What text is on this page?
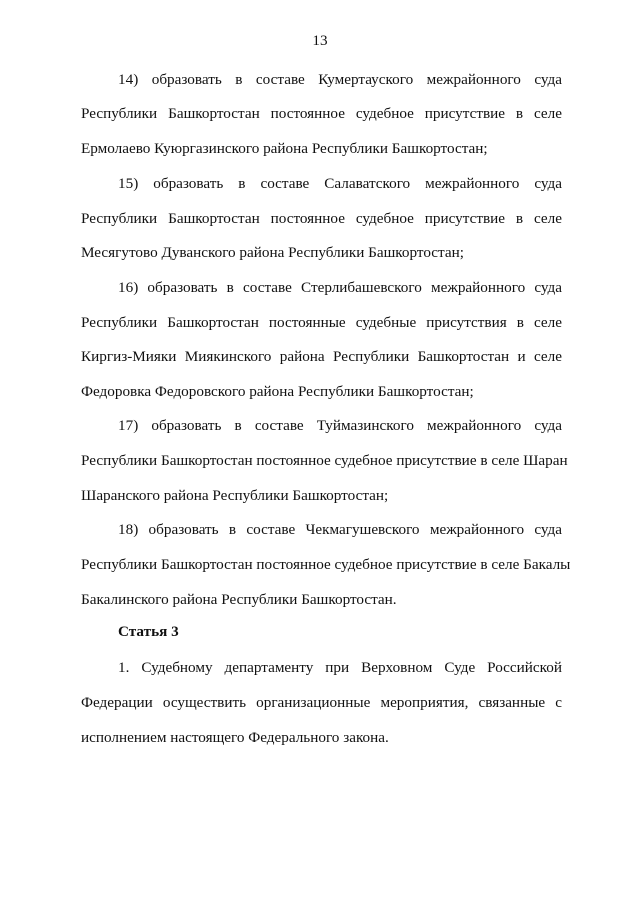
13
14) образовать в составе Кумертауского межрайонного суда
Республики Башкортостан постоянное судебное присутствие в селе
Ермолаево Куюргазинского района Республики Башкортостан;
15) образовать в составе Салаватского межрайонного суда
Республики Башкортостан постоянное судебное присутствие в селе
Месягутово Дуванского района Республики Башкортостан;
16) образовать в составе Стерлибашевского межрайонного суда
Республики Башкортостан постоянные судебные присутствия в селе
Киргиз-Мияки Миякинского района Республики Башкортостан и селе
Федоровка Федоровского района Республики Башкортостан;
17) образовать в составе Туймазинского межрайонного суда
Республики Башкортостан постоянное судебное присутствие в селе Шаран
Шаранского района Республики Башкортостан;
18) образовать в составе Чекмагушевского межрайонного суда
Республики Башкортостан постоянное судебное присутствие в селе Бакалы
Бакалинского района Республики Башкортостан.
Статья 3
1. Судебному департаменту при Верховном Суде Российской
Федерации осуществить организационные мероприятия, связанные с
исполнением настоящего Федерального закона.
